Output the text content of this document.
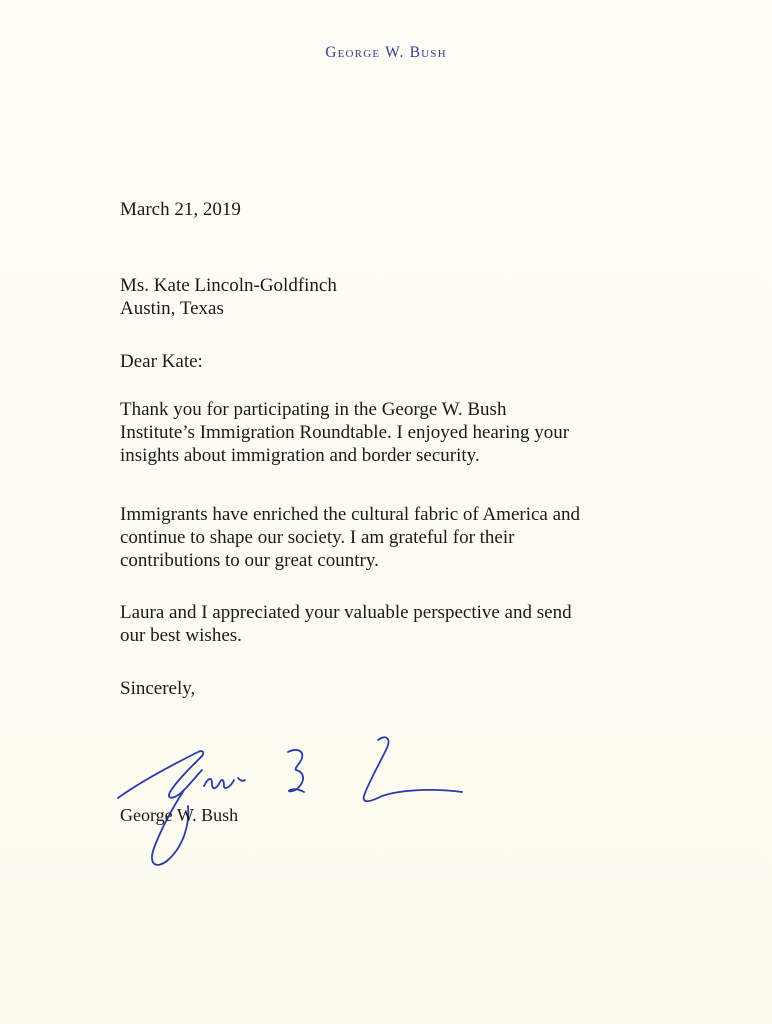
George W. Bush
March 21, 2019
Ms. Kate Lincoln-Goldfinch
Austin, Texas
Dear Kate:
Thank you for participating in the George W. Bush
Institute’s Immigration Roundtable. I enjoyed hearing your
insights about immigration and border security.
Immigrants have enriched the cultural fabric of America and
continue to shape our society. I am grateful for their
contributions to our great country.
Laura and I appreciated your valuable perspective and send
our best wishes.
Sincerely,
George W. Bush
